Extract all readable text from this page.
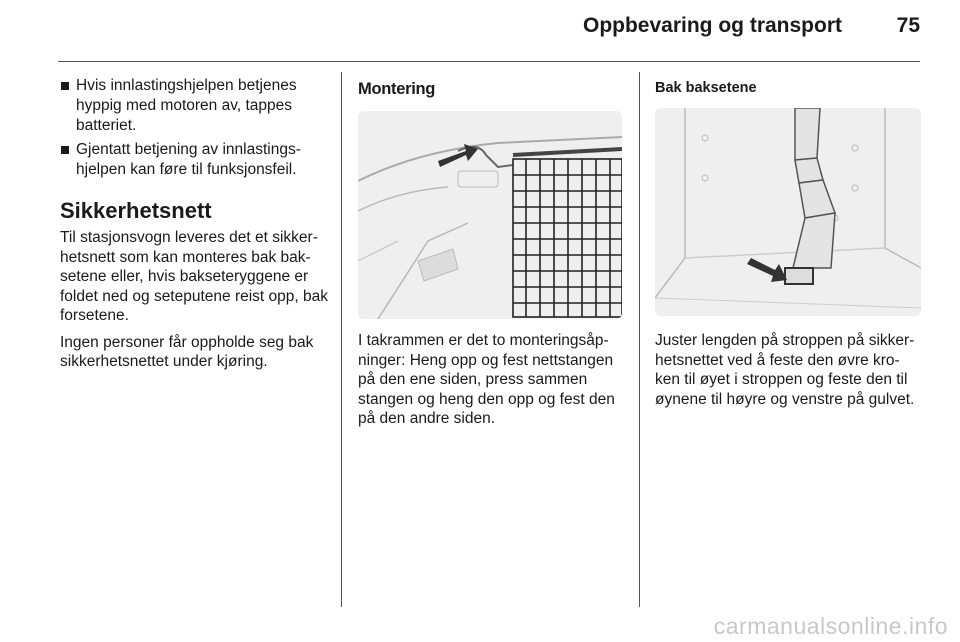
Oppbevaring og transport	75
Hvis innlastingshjelpen betjenes hyppig med motoren av, tappes batteriet.
Gjentatt betjening av innlastings-hjelpen kan føre til funksjonsfeil.
Sikkerhetsnett

Til stasjonsvogn leveres det et sikker-hetsnett som kan monteres bak bak-setene eller, hvis bakseteryggene er foldet ned og seteputene reist opp, bak forsetene.

Ingen personer får oppholde seg bak sikkerhetsnettet under kjøring.

Montering

I takrammen er det to monteringsåp-ninger: Heng opp og fest nettstangen på den ene siden, press sammen stangen og heng den opp og fest den på den andre siden.

Bak baksetene

Juster lengden på stroppen på sikker-hetsnettet ved å feste den øvre kro-ken til øyet i stroppen og feste den til øynene til høyre og venstre på gulvet.

carmanualsonline.info
